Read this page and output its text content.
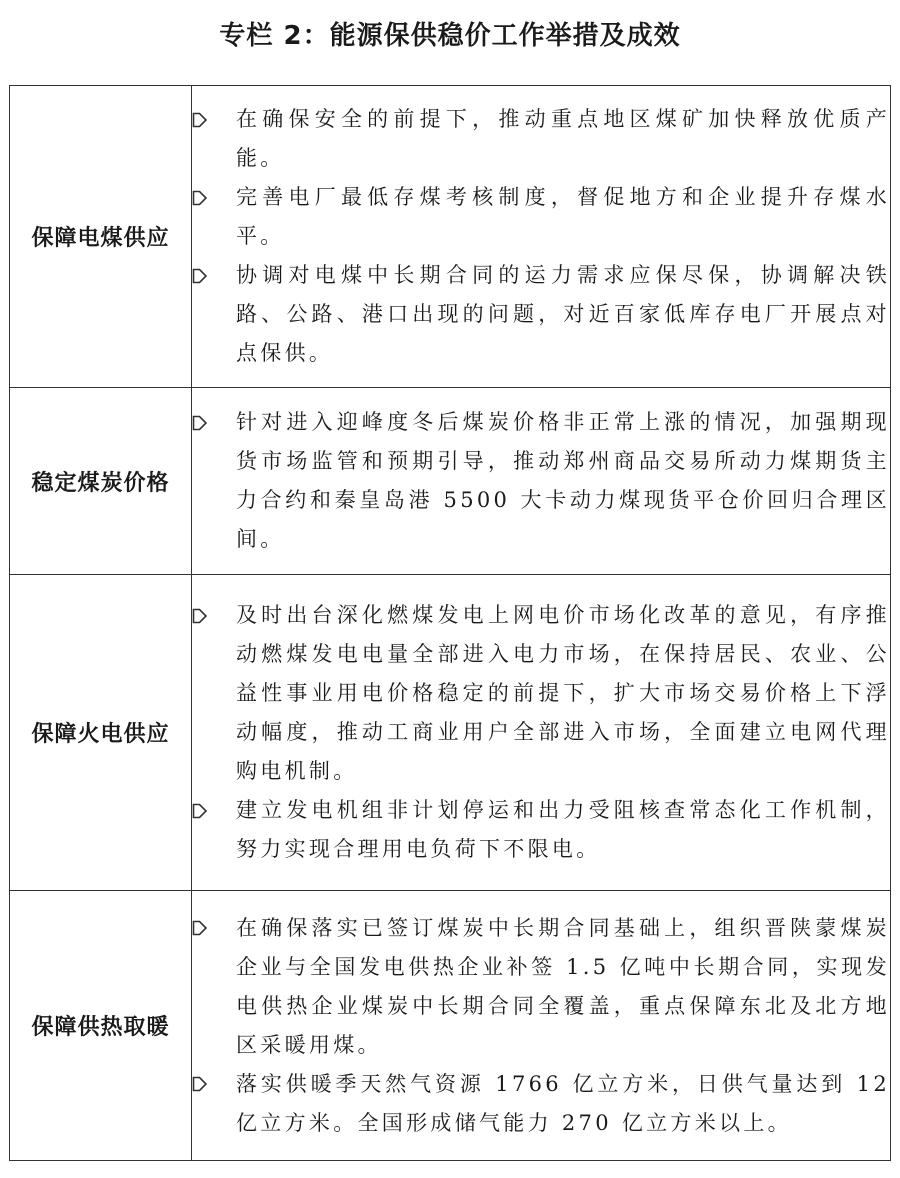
专栏 2：能源保供稳价工作举措及成效
保障电煤供应	在确保安全的前提下，推动重点地区煤矿加快释放优质产能。
完善电厂最低存煤考核制度，督促地方和企业提升存煤水平。
协调对电煤中长期合同的运力需求应保尽保，协调解决铁路、公路、港口出现的问题，对近百家低库存电厂开展点对点保供。

稳定煤炭价格	针对进入迎峰度冬后煤炭价格非正常上涨的情况，加强期现货市场监管和预期引导，推动郑州商品交易所动力煤期货主力合约和秦皇岛港 5500 大卡动力煤现货平仓价回归合理区间。

保障火电供应	及时出台深化燃煤发电上网电价市场化改革的意见，有序推动燃煤发电电量全部进入电力市场，在保持居民、农业、公益性事业用电价格稳定的前提下，扩大市场交易价格上下浮动幅度，推动工商业用户全部进入市场，全面建立电网代理购电机制。
建立发电机组非计划停运和出力受阻核查常态化工作机制，努力实现合理用电负荷下不限电。

保障供热取暖	在确保落实已签订煤炭中长期合同基础上，组织晋陕蒙煤炭企业与全国发电供热企业补签 1.5 亿吨中长期合同，实现发电供热企业煤炭中长期合同全覆盖，重点保障东北及北方地区采暖用煤。
落实供暖季天然气资源 1766 亿立方米，日供气量达到 12 亿立方米。全国形成储气能力 270 亿立方米以上。
